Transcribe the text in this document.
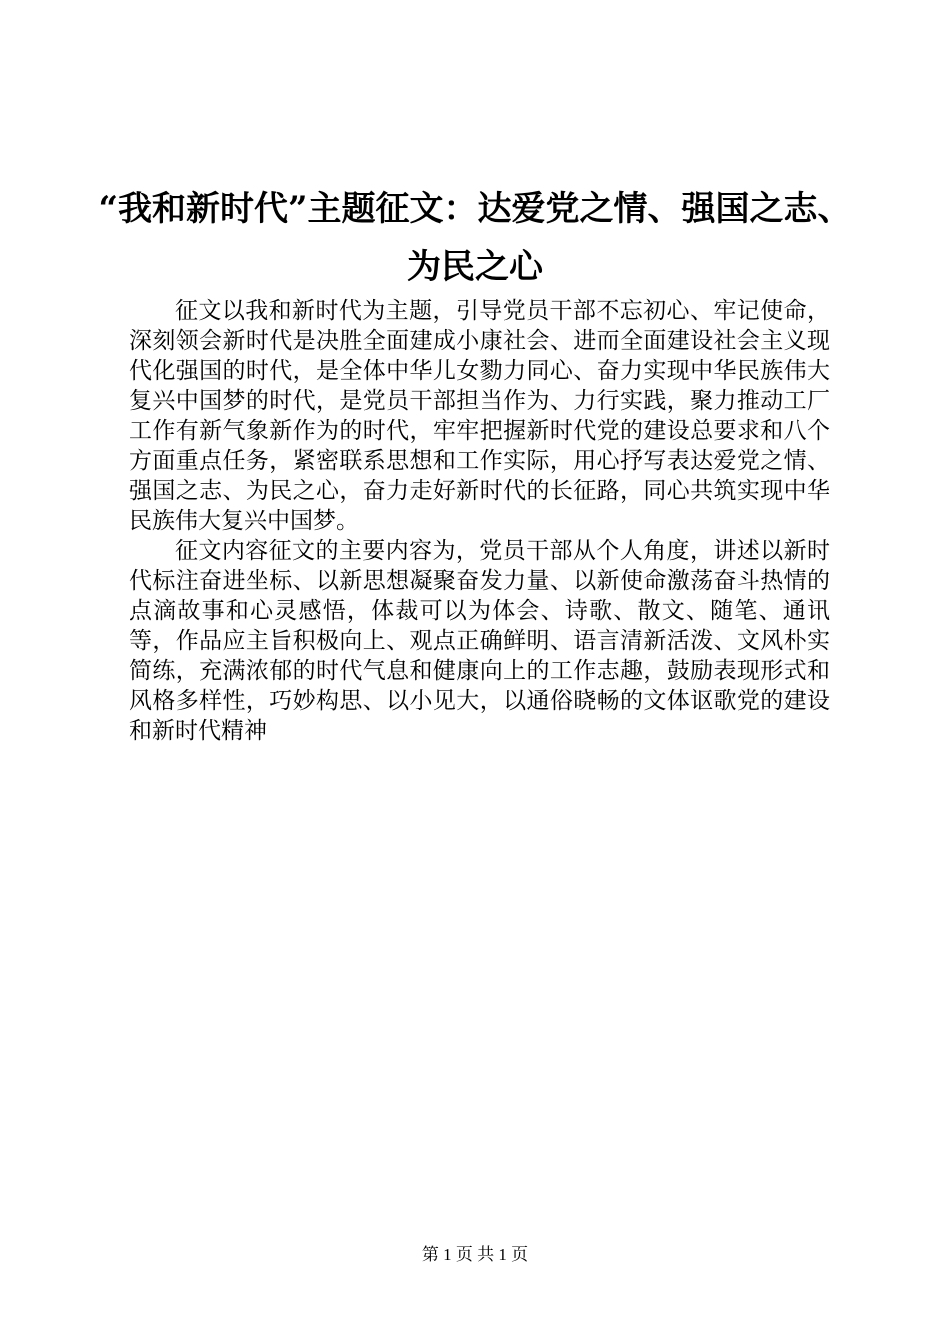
“我和新时代”主题征文：达爱党之情、强国之志、为民之心

征文以我和新时代为主题，引导党员干部不忘初心、牢记使命，深刻领会新时代是决胜全面建成小康社会、进而全面建设社会主义现代化强国的时代，是全体中华儿女勠力同心、奋力实现中华民族伟大复兴中国梦的时代，是党员干部担当作为、力行实践，聚力推动工厂工作有新气象新作为的时代，牢牢把握新时代党的建设总要求和八个方面重点任务，紧密联系思想和工作实际，用心抒写表达爱党之情、强国之志、为民之心，奋力走好新时代的长征路，同心共筑实现中华民族伟大复兴中国梦。

征文内容征文的主要内容为，党员干部从个人角度，讲述以新时代标注奋进坐标、以新思想凝聚奋发力量、以新使命激荡奋斗热情的点滴故事和心灵感悟，体裁可以为体会、诗歌、散文、随笔、通讯等，作品应主旨积极向上、观点正确鲜明、语言清新活泼、文风朴实简练，充满浓郁的时代气息和健康向上的工作志趣，鼓励表现形式和风格多样性，巧妙构思、以小见大，以通俗晓畅的文体讴歌党的建设和新时代精神

第 1 页 共 1 页
